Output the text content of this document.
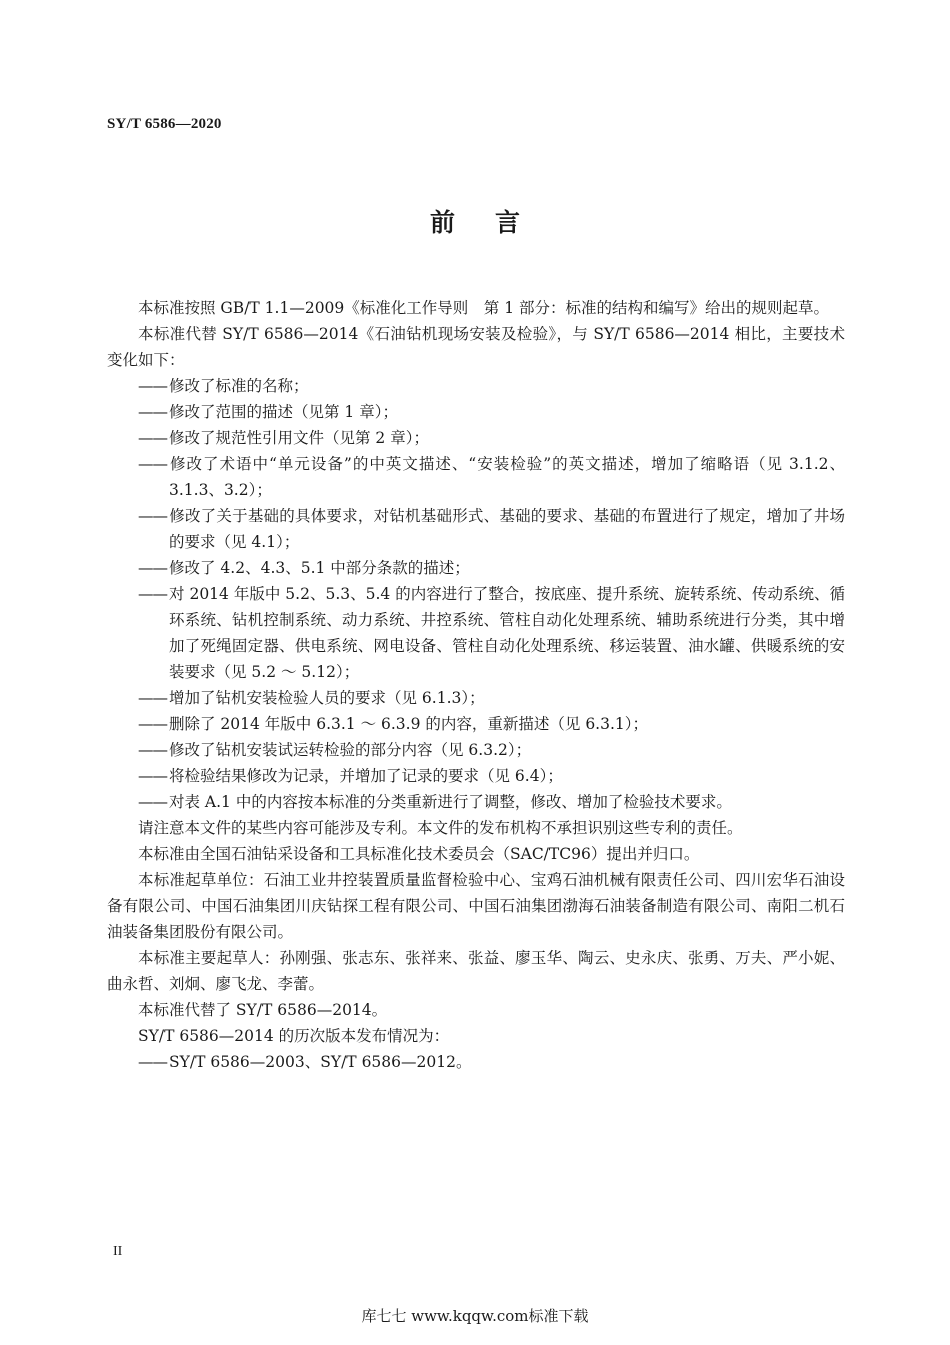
SY/T 6586—2020
前言

本标准按照 GB/T 1.1—2009《标准化工作导则　第 1 部分：标准的结构和编写》给出的规则起草。

本标准代替 SY/T 6586—2014《石油钻机现场安装及检验》，与 SY/T 6586—2014 相比，主要技术变化如下：

—— 修改了标准的名称；

—— 修改了范围的描述（见第 1 章）；

—— 修改了规范性引用文件（见第 2 章）；

—— 修改了术语中“单元设备”的中英文描述、“安装检验”的英文描述，增加了缩略语（见 3.1.2、3.1.3、3.2）；

—— 修改了关于基础的具体要求，对钻机基础形式、基础的要求、基础的布置进行了规定，增加了井场的要求（见 4.1）；

—— 修改了 4.2、4.3、5.1 中部分条款的描述；

—— 对 2014 年版中 5.2、5.3、5.4 的内容进行了整合，按底座、提升系统、旋转系统、传动系统、循环系统、钻机控制系统、动力系统、井控系统、管柱自动化处理系统、辅助系统进行分类，其中增加了死绳固定器、供电系统、网电设备、管柱自动化处理系统、移运装置、油水罐、供暖系统的安装要求（见 5.2 ～ 5.12）；

—— 增加了钻机安装检验人员的要求（见 6.1.3）；

—— 删除了 2014 年版中 6.3.1 ～ 6.3.9 的内容，重新描述（见 6.3.1）；

—— 修改了钻机安装试运转检验的部分内容（见 6.3.2）；

—— 将检验结果修改为记录，并增加了记录的要求（见 6.4）；

—— 对表 A.1 中的内容按本标准的分类重新进行了调整，修改、增加了检验技术要求。

请注意本文件的某些内容可能涉及专利。本文件的发布机构不承担识别这些专利的责任。

本标准由全国石油钻采设备和工具标准化技术委员会（SAC/TC96）提出并归口。

本标准起草单位：石油工业井控装置质量监督检验中心、宝鸡石油机械有限责任公司、四川宏华石油设备有限公司、中国石油集团川庆钻探工程有限公司、中国石油集团渤海石油装备制造有限公司、南阳二机石油装备集团股份有限公司。

本标准主要起草人：孙刚强、张志东、张祥来、张益、廖玉华、陶云、史永庆、张勇、万夫、严小妮、曲永哲、刘炯、廖飞龙、李蕾。

本标准代替了 SY/T 6586—2014。

SY/T 6586—2014 的历次版本发布情况为：

—— SY/T 6586—2003、SY/T 6586—2012。

II
库七七 www.kqqw.com标准下载
